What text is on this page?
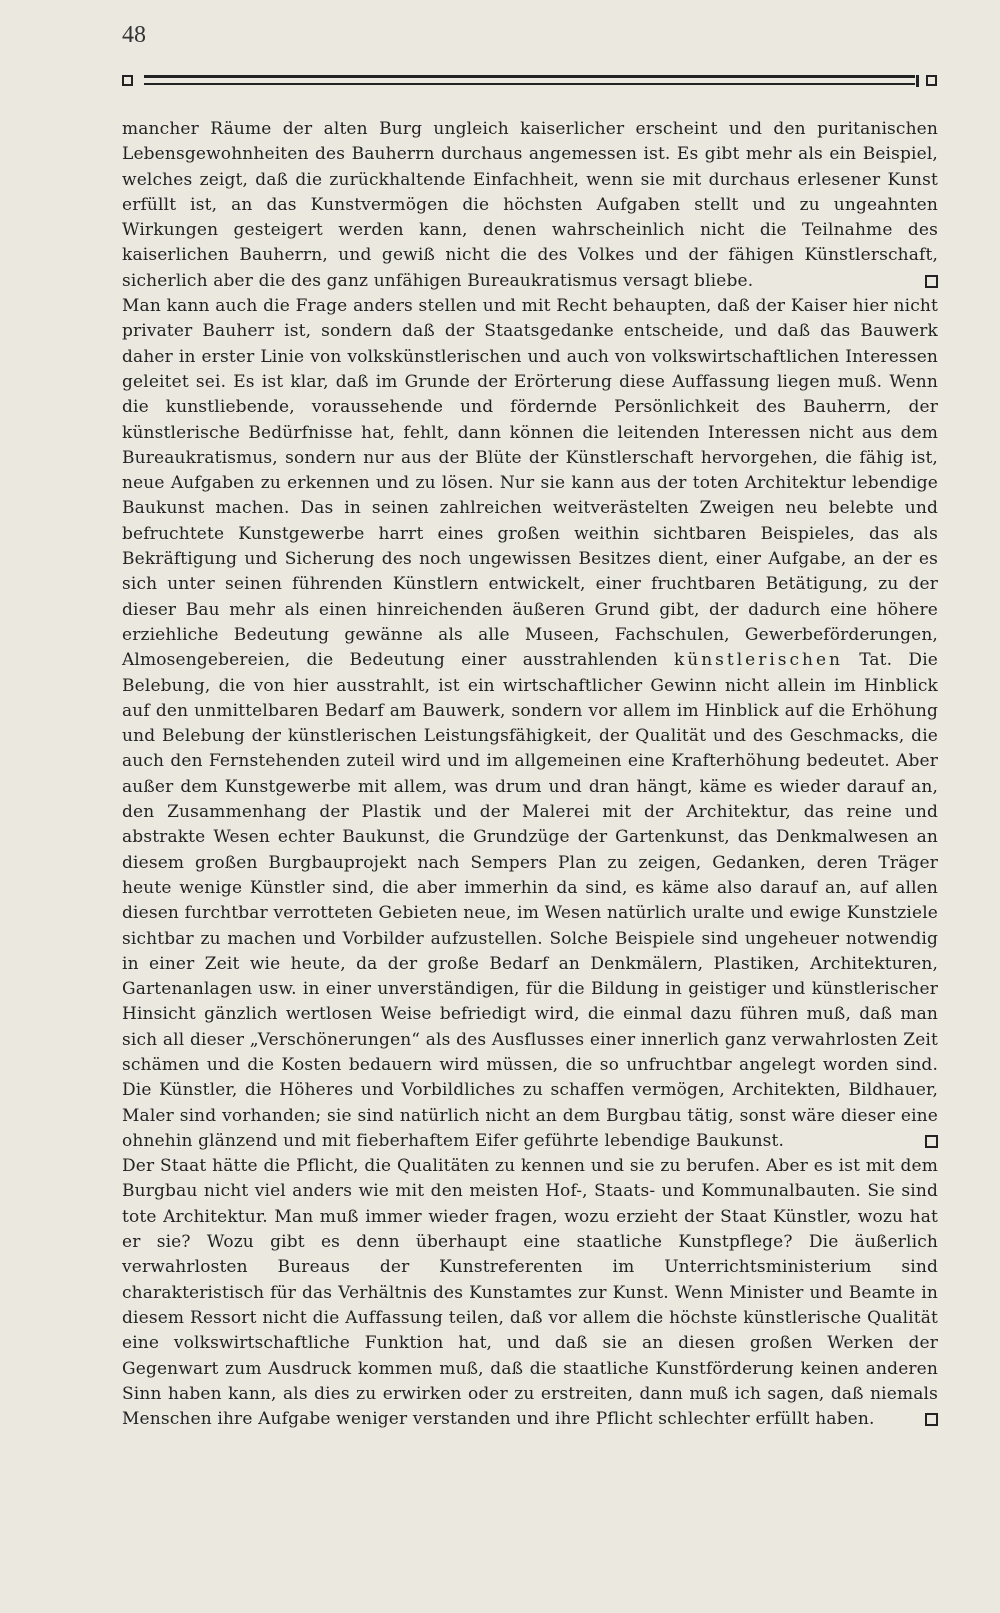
48

mancher Räume der alten Burg ungleich kaiserlicher erscheint und den puritanischen Lebensgewohnheiten des Bauherrn durchaus angemessen ist. Es gibt mehr als ein Beispiel, welches zeigt, daß die zurückhaltende Einfachheit, wenn sie mit durchaus erlesener Kunst erfüllt ist, an das Kunstvermögen die höchsten Aufgaben stellt und zu ungeahnten Wirkungen gesteigert werden kann, denen wahrscheinlich nicht die Teilnahme des kaiserlichen Bauherrn, und gewiß nicht die des Volkes und der fähigen Künstlerschaft, sicherlich aber die des ganz unfähigen Bureaukratismus versagt bliebe.

Man kann auch die Frage anders stellen und mit Recht behaupten, daß der Kaiser hier nicht privater Bauherr ist, sondern daß der Staatsgedanke entscheide, und daß das Bauwerk daher in erster Linie von volkskünstlerischen und auch von volkswirtschaftlichen Interessen geleitet sei. Es ist klar, daß im Grunde der Erörterung diese Auffassung liegen muß. Wenn die kunstliebende, voraussehende und fördernde Persönlichkeit des Bauherrn, der künstlerische Bedürfnisse hat, fehlt, dann können die leitenden Interessen nicht aus dem Bureaukratismus, sondern nur aus der Blüte der Künstlerschaft hervorgehen, die fähig ist, neue Aufgaben zu erkennen und zu lösen. Nur sie kann aus der toten Architektur lebendige Baukunst machen. Das in seinen zahlreichen weitverästelten Zweigen neu belebte und befruchtete Kunstgewerbe harrt eines großen weithin sichtbaren Beispieles, das als Bekräftigung und Sicherung des noch ungewissen Besitzes dient, einer Aufgabe, an der es sich unter seinen führenden Künstlern entwickelt, einer fruchtbaren Betätigung, zu der dieser Bau mehr als einen hinreichenden äußeren Grund gibt, der dadurch eine höhere erziehliche Bedeutung gewänne als alle Museen, Fachschulen, Gewerbeförderungen, Almosengebereien, die Bedeutung einer ausstrahlenden künstlerischen Tat. Die Belebung, die von hier ausstrahlt, ist ein wirtschaftlicher Gewinn nicht allein im Hinblick auf den unmittelbaren Bedarf am Bauwerk, sondern vor allem im Hinblick auf die Erhöhung und Belebung der künstlerischen Leistungsfähigkeit, der Qualität und des Geschmacks, die auch den Fernstehenden zuteil wird und im allgemeinen eine Krafterhöhung bedeutet. Aber außer dem Kunstgewerbe mit allem, was drum und dran hängt, käme es wieder darauf an, den Zusammenhang der Plastik und der Malerei mit der Architektur, das reine und abstrakte Wesen echter Baukunst, die Grundzüge der Gartenkunst, das Denkmalwesen an diesem großen Burgbauprojekt nach Sempers Plan zu zeigen, Gedanken, deren Träger heute wenige Künstler sind, die aber immerhin da sind, es käme also darauf an, auf allen diesen furchtbar verrotteten Gebieten neue, im Wesen natürlich uralte und ewige Kunstziele sichtbar zu machen und Vorbilder aufzustellen. Solche Beispiele sind ungeheuer notwendig in einer Zeit wie heute, da der große Bedarf an Denkmälern, Plastiken, Architekturen, Gartenanlagen usw. in einer unverständigen, für die Bildung in geistiger und künstlerischer Hinsicht gänzlich wertlosen Weise befriedigt wird, die einmal dazu führen muß, daß man sich all dieser „Verschönerungen“ als des Ausflusses einer innerlich ganz verwahrlosten Zeit schämen und die Kosten bedauern wird müssen, die so unfruchtbar angelegt worden sind. Die Künstler, die Höheres und Vorbildliches zu schaffen vermögen, Architekten, Bildhauer, Maler sind vorhanden; sie sind natürlich nicht an dem Burgbau tätig, sonst wäre dieser eine ohnehin glänzend und mit fieberhaftem Eifer geführte lebendige Baukunst.

Der Staat hätte die Pflicht, die Qualitäten zu kennen und sie zu berufen. Aber es ist mit dem Burgbau nicht viel anders wie mit den meisten Hof-, Staats- und Kommunalbauten. Sie sind tote Architektur. Man muß immer wieder fragen, wozu erzieht der Staat Künstler, wozu hat er sie? Wozu gibt es denn überhaupt eine staatliche Kunstpflege? Die äußerlich verwahrlosten Bureaus der Kunstreferenten im Unterrichtsministerium sind charakteristisch für das Verhältnis des Kunstamtes zur Kunst. Wenn Minister und Beamte in diesem Ressort nicht die Auffassung teilen, daß vor allem die höchste künstlerische Qualität eine volkswirtschaftliche Funktion hat, und daß sie an diesen großen Werken der Gegenwart zum Ausdruck kommen muß, daß die staatliche Kunstförderung keinen anderen Sinn haben kann, als dies zu erwirken oder zu erstreiten, dann muß ich sagen, daß niemals Menschen ihre Aufgabe weniger verstanden und ihre Pflicht schlechter erfüllt haben.
